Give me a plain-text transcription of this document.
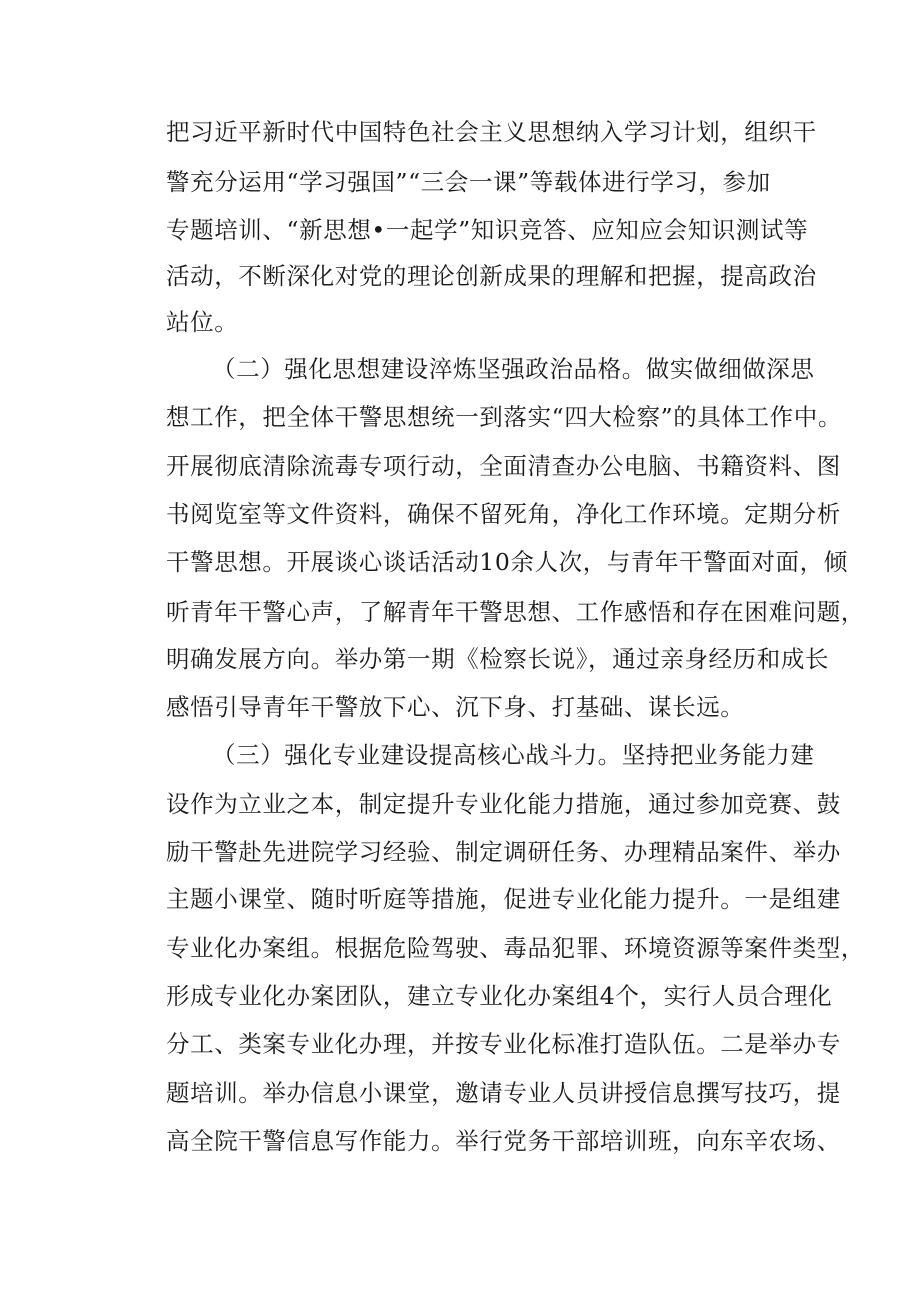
把习近平新时代中国特色社会主义思想纳入学习计划，组织干
警充分运用“学习强国”“三会一课”等载体进行学习，参加
专题培训、“新思想•一起学”知识竞答、应知应会知识测试等
活动，不断深化对党的理论创新成果的理解和把握，提高政治
站位。
（二）强化思想建设淬炼坚强政治品格。做实做细做深思
想工作，把全体干警思想统一到落实“四大检察”的具体工作中。
开展彻底清除流毒专项行动，全面清查办公电脑、书籍资料、图
书阅览室等文件资料，确保不留死角，净化工作环境。定期分析
干警思想。开展谈心谈话活动10余人次，与青年干警面对面，倾
听青年干警心声，了解青年干警思想、工作感悟和存在困难问题，
明确发展方向。举办第一期《检察长说》，通过亲身经历和成长
感悟引导青年干警放下心、沉下身、打基础、谋长远。
（三）强化专业建设提高核心战斗力。坚持把业务能力建
设作为立业之本，制定提升专业化能力措施，通过参加竞赛、鼓
励干警赴先进院学习经验、制定调研任务、办理精品案件、举办
主题小课堂、随时听庭等措施，促进专业化能力提升。一是组建
专业化办案组。根据危险驾驶、毒品犯罪、环境资源等案件类型，
形成专业化办案团队，建立专业化办案组4个，实行人员合理化
分工、类案专业化办理，并按专业化标准打造队伍。二是举办专
题培训。举办信息小课堂，邀请专业人员讲授信息撰写技巧，提
高全院干警信息写作能力。举行党务干部培训班，向东辛农场、
